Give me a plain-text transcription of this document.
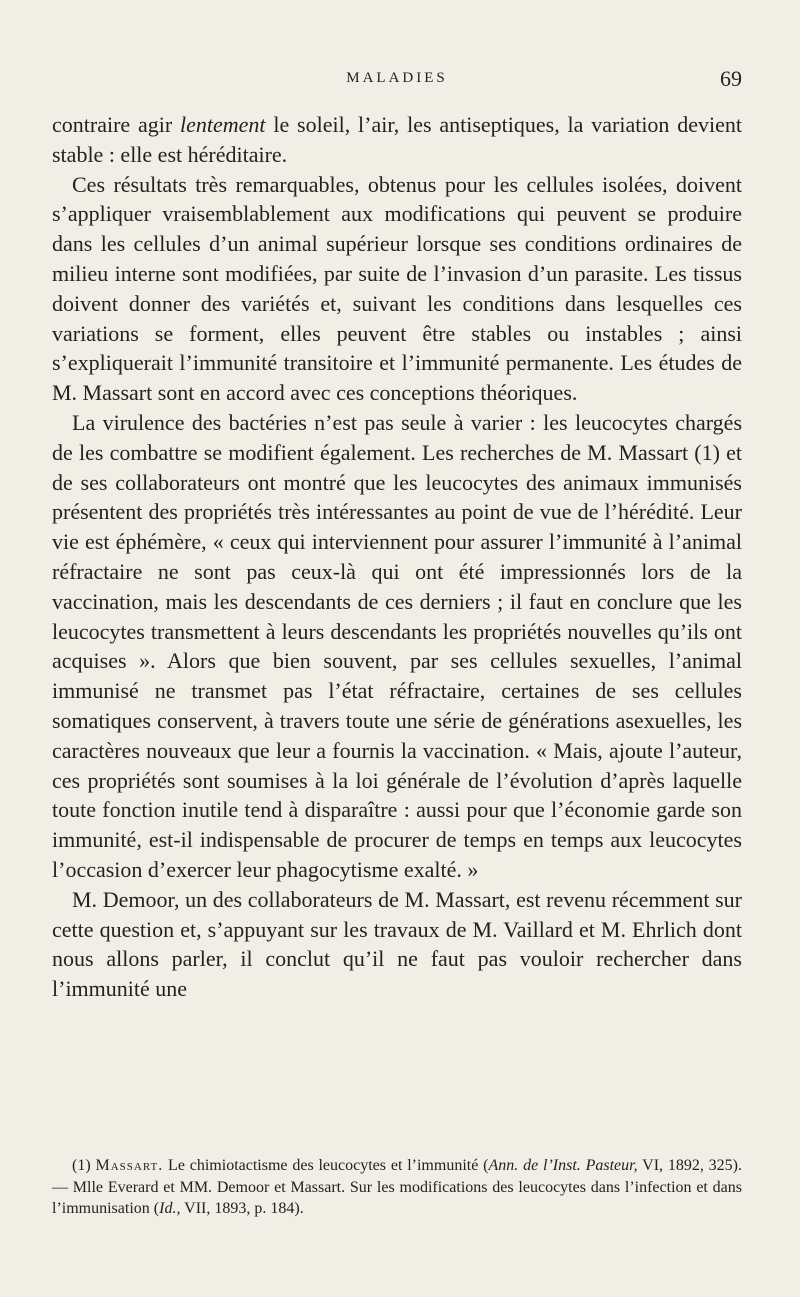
MALADIES	69

contraire agir lentement le soleil, l’air, les antiseptiques, la variation devient stable : elle est héréditaire.

Ces résultats très remarquables, obtenus pour les cellules isolées, doivent s’appliquer vraisemblablement aux modifications qui peuvent se produire dans les cellules d’un animal supérieur lorsque ses conditions ordinaires de milieu interne sont modifiées, par suite de l’invasion d’un parasite. Les tissus doivent donner des variétés et, suivant les conditions dans lesquelles ces variations se forment, elles peuvent être stables ou instables ; ainsi s’expliquerait l’immunité transitoire et l’immunité permanente. Les études de M. Massart sont en accord avec ces conceptions théoriques.

La virulence des bactéries n’est pas seule à varier : les leucocytes chargés de les combattre se modifient également. Les recherches de M. Massart (1) et de ses collaborateurs ont montré que les leucocytes des animaux immunisés présentent des propriétés très intéressantes au point de vue de l’hérédité. Leur vie est éphémère, « ceux qui interviennent pour assurer l’immunité à l’animal réfractaire ne sont pas ceux-là qui ont été impressionnés lors de la vaccination, mais les descendants de ces derniers ; il faut en conclure que les leucocytes transmettent à leurs descendants les propriétés nouvelles qu’ils ont acquises ». Alors que bien souvent, par ses cellules sexuelles, l’animal immunisé ne transmet pas l’état réfractaire, certaines de ses cellules somatiques conservent, à travers toute une série de générations asexuelles, les caractères nouveaux que leur a fournis la vaccination. « Mais, ajoute l’auteur, ces propriétés sont soumises à la loi générale de l’évolution d’après laquelle toute fonction inutile tend à disparaître : aussi pour que l’économie garde son immunité, est-il indispensable de procurer de temps en temps aux leucocytes l’occasion d’exercer leur phagocytisme exalté. »

M. Demoor, un des collaborateurs de M. Massart, est revenu récemment sur cette question et, s’appuyant sur les travaux de M. Vaillard et M. Ehrlich dont nous allons parler, il conclut qu’il ne faut pas vouloir rechercher dans l’immunité une

(1) Massart. Le chimiotactisme des leucocytes et l’immunité (Ann. de l’Inst. Pasteur, VI, 1892, 325). — Mlle Everard et MM. Demoor et Massart. Sur les modifications des leucocytes dans l’infection et dans l’immunisation (Id., VII, 1893, p. 184).
